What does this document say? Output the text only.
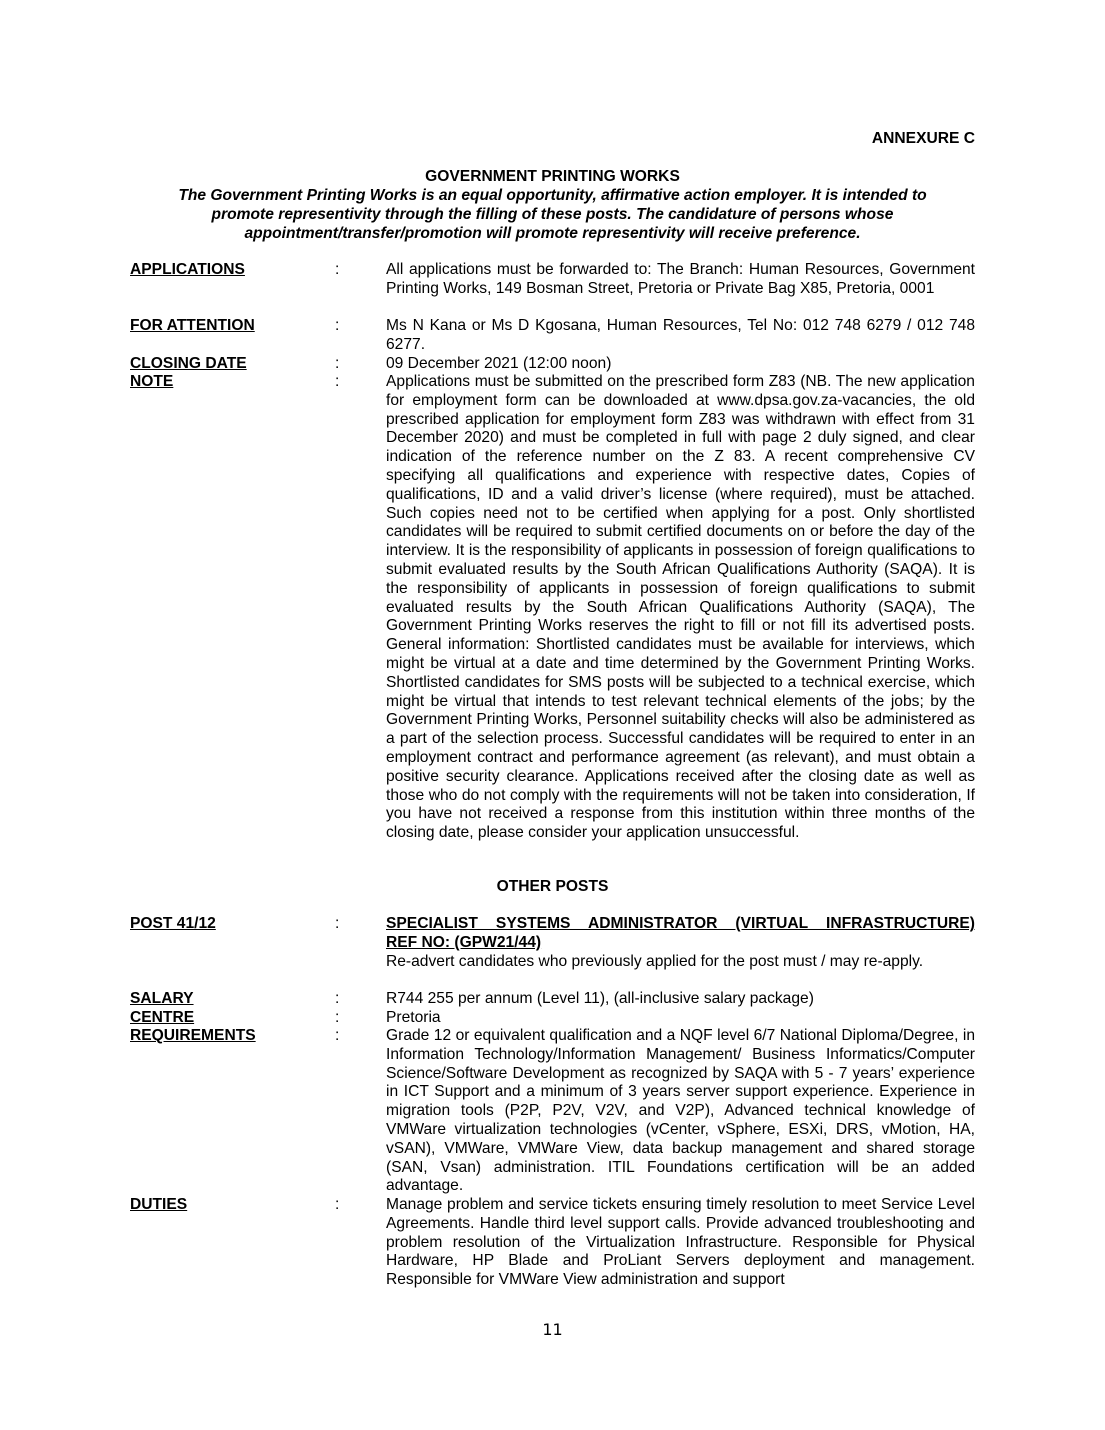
ANNEXURE C
GOVERNMENT PRINTING WORKS
The Government Printing Works is an equal opportunity, affirmative action employer. It is intended to promote representivity through the filling of these posts. The candidature of persons whose appointment/transfer/promotion will promote representivity will receive preference.
APPLICATIONS	:	All applications must be forwarded to: The Branch: Human Resources, Government Printing Works, 149 Bosman Street, Pretoria or Private Bag X85, Pretoria, 0001
FOR ATTENTION	:	Ms N Kana or Ms D Kgosana, Human Resources, Tel No: 012 748 6279 / 012 748 6277.
CLOSING DATE	:	09 December 2021 (12:00 noon)
NOTE	:	Applications must be submitted on the prescribed form Z83 (NB. The new application for employment form can be downloaded at www.dpsa.gov.za-vacancies, the old prescribed application for employment form Z83 was withdrawn with effect from 31 December 2020) and must be completed in full with page 2 duly signed, and clear indication of the reference number on the Z 83. A recent comprehensive CV specifying all qualifications and experience with respective dates, Copies of qualifications, ID and a valid driver’s license (where required), must be attached. Such copies need not to be certified when applying for a post. Only shortlisted candidates will be required to submit certified documents on or before the day of the interview. It is the responsibility of applicants in possession of foreign qualifications to submit evaluated results by the South African Qualifications Authority (SAQA). It is the responsibility of applicants in possession of foreign qualifications to submit evaluated results by the South African Qualifications Authority (SAQA), The Government Printing Works reserves the right to fill or not fill its advertised posts. General information: Shortlisted candidates must be available for interviews, which might be virtual at a date and time determined by the Government Printing Works. Shortlisted candidates for SMS posts will be subjected to a technical exercise, which might be virtual that intends to test relevant technical elements of the jobs; by the Government Printing Works, Personnel suitability checks will also be administered as a part of the selection process. Successful candidates will be required to enter in an employment contract and performance agreement (as relevant), and must obtain a positive security clearance. Applications received after the closing date as well as those who do not comply with the requirements will not be taken into consideration, If you have not received a response from this institution within three months of the closing date, please consider your application unsuccessful.
OTHER POSTS
POST 41/12	:	SPECIALIST SYSTEMS ADMINISTRATOR (VIRTUAL INFRASTRUCTURE)
REF NO: (GPW21/44)
Re-advert candidates who previously applied for the post must / may re-apply.
SALARY	:	R744 255 per annum (Level 11), (all-inclusive salary package)
CENTRE	:	Pretoria
REQUIREMENTS	:	Grade 12 or equivalent qualification and a NQF level 6/7 National Diploma/Degree, in Information Technology/Information Management/ Business Informatics/Computer Science/Software Development as recognized by SAQA with 5 - 7 years’ experience in ICT Support and a minimum of 3 years server support experience. Experience in migration tools (P2P, P2V, V2V, and V2P), Advanced technical knowledge of VMWare virtualization technologies (vCenter, vSphere, ESXi, DRS, vMotion, HA, vSAN), VMWare, VMWare View, data backup management and shared storage (SAN, Vsan) administration. ITIL Foundations certification will be an added advantage.
DUTIES	:	Manage problem and service tickets ensuring timely resolution to meet Service Level Agreements. Handle third level support calls. Provide advanced troubleshooting and problem resolution of the Virtualization Infrastructure. Responsible for Physical Hardware, HP Blade and ProLiant Servers deployment and management. Responsible for VMWare View administration and support
11
